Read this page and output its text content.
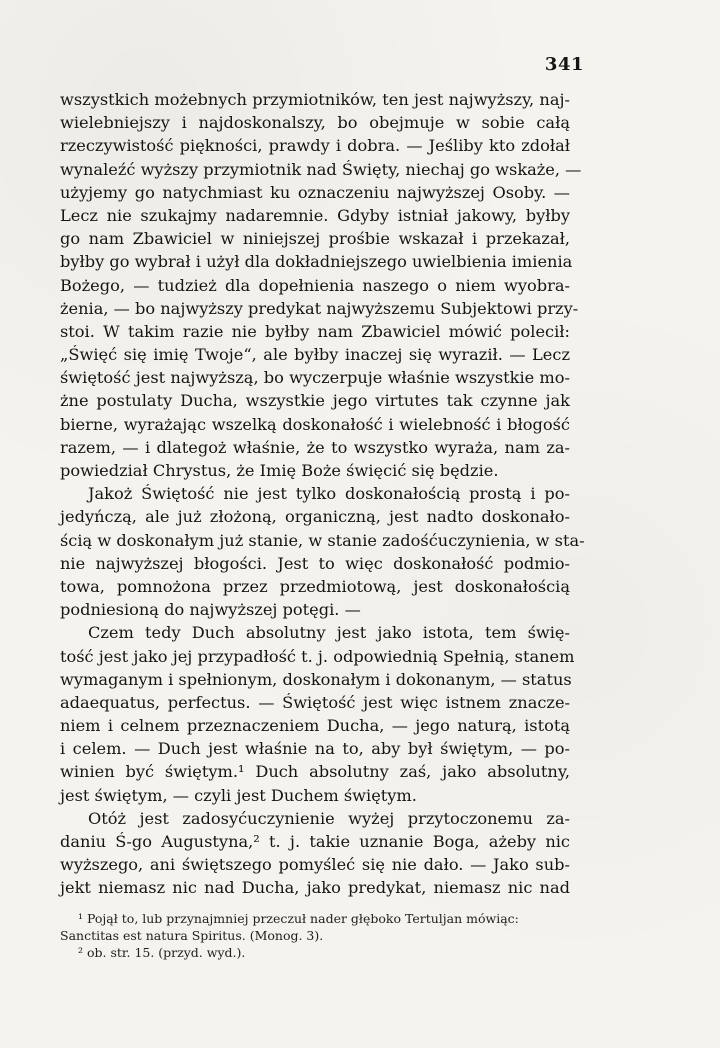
341
wszystkich możebnych przymiotników, ten jest najwyższy, naj-
wielebniejszy i najdoskonalszy, bo obejmuje w sobie całą
rzeczywistość piękności, prawdy i dobra. — Jeśliby kto zdołał
wynaleźć wyższy przymiotnik nad Święty, niechaj go wskaże, —
użyjemy go natychmiast ku oznaczeniu najwyższej Osoby. —
Lecz nie szukajmy nadaremnie. Gdyby istniał jakowy, byłby
go nam Zbawiciel w niniejszej prośbie wskazał i przekazał,
byłby go wybrał i użył dla dokładniejszego uwielbienia imienia
Bożego, — tudzież dla dopełnienia naszego o niem wyobra-
żenia, — bo najwyższy predykat najwyższemu Subjektowi przy-
stoi. W takim razie nie byłby nam Zbawiciel mówić polecił:
„Święć się imię Twoje“, ale byłby inaczej się wyraził. — Lecz
świętość jest najwyższą, bo wyczerpuje właśnie wszystkie mo-
żne postulaty Ducha, wszystkie jego virtutes tak czynne jak
bierne, wyrażając wszelką doskonałość i wielebność i błogość
razem, — i dlategoż właśnie, że to wszystko wyraża, nam za-
powiedział Chrystus, że Imię Boże święcić się będzie.
Jakoż Świętość nie jest tylko doskonałością prostą i po-
jedyńczą, ale już złożoną, organiczną, jest nadto doskonało-
ścią w doskonałym już stanie, w stanie zadośćuczynienia, w sta-
nie najwyższej błogości. Jest to więc doskonałość podmio-
towa, pomnożona przez przedmiotową, jest doskonałością
podniesioną do najwyższej potęgi. —
Czem tedy Duch absolutny jest jako istota, tem świę-
tość jest jako jej przypadłość t. j. odpowiednią Spełnią, stanem
wymaganym i spełnionym, doskonałym i dokonanym, — status
adaequatus, perfectus. — Świętość jest więc istnem znacze-
niem i celnem przeznaczeniem Ducha, — jego naturą, istotą
i celem. — Duch jest właśnie na to, aby był świętym, — po-
winien być świętym.¹ Duch absolutny zaś, jako absolutny,
jest świętym, — czyli jest Duchem świętym.
Otóż jest zadosyćuczynienie wyżej przytoczonemu za-
daniu Ś-go Augustyna,² t. j. takie uznanie Boga, ażeby nic
wyższego, ani świętszego pomyśleć się nie dało. — Jako sub-
jekt niemasz nic nad Ducha, jako predykat, niemasz nic nad
¹ Pojął to, lub przynajmniej przeczuł nader głęboko Tertuljan mówiąc:
Sanctitas est natura Spiritus. (Monog. 3).
² ob. str. 15. (przyd. wyd.).
